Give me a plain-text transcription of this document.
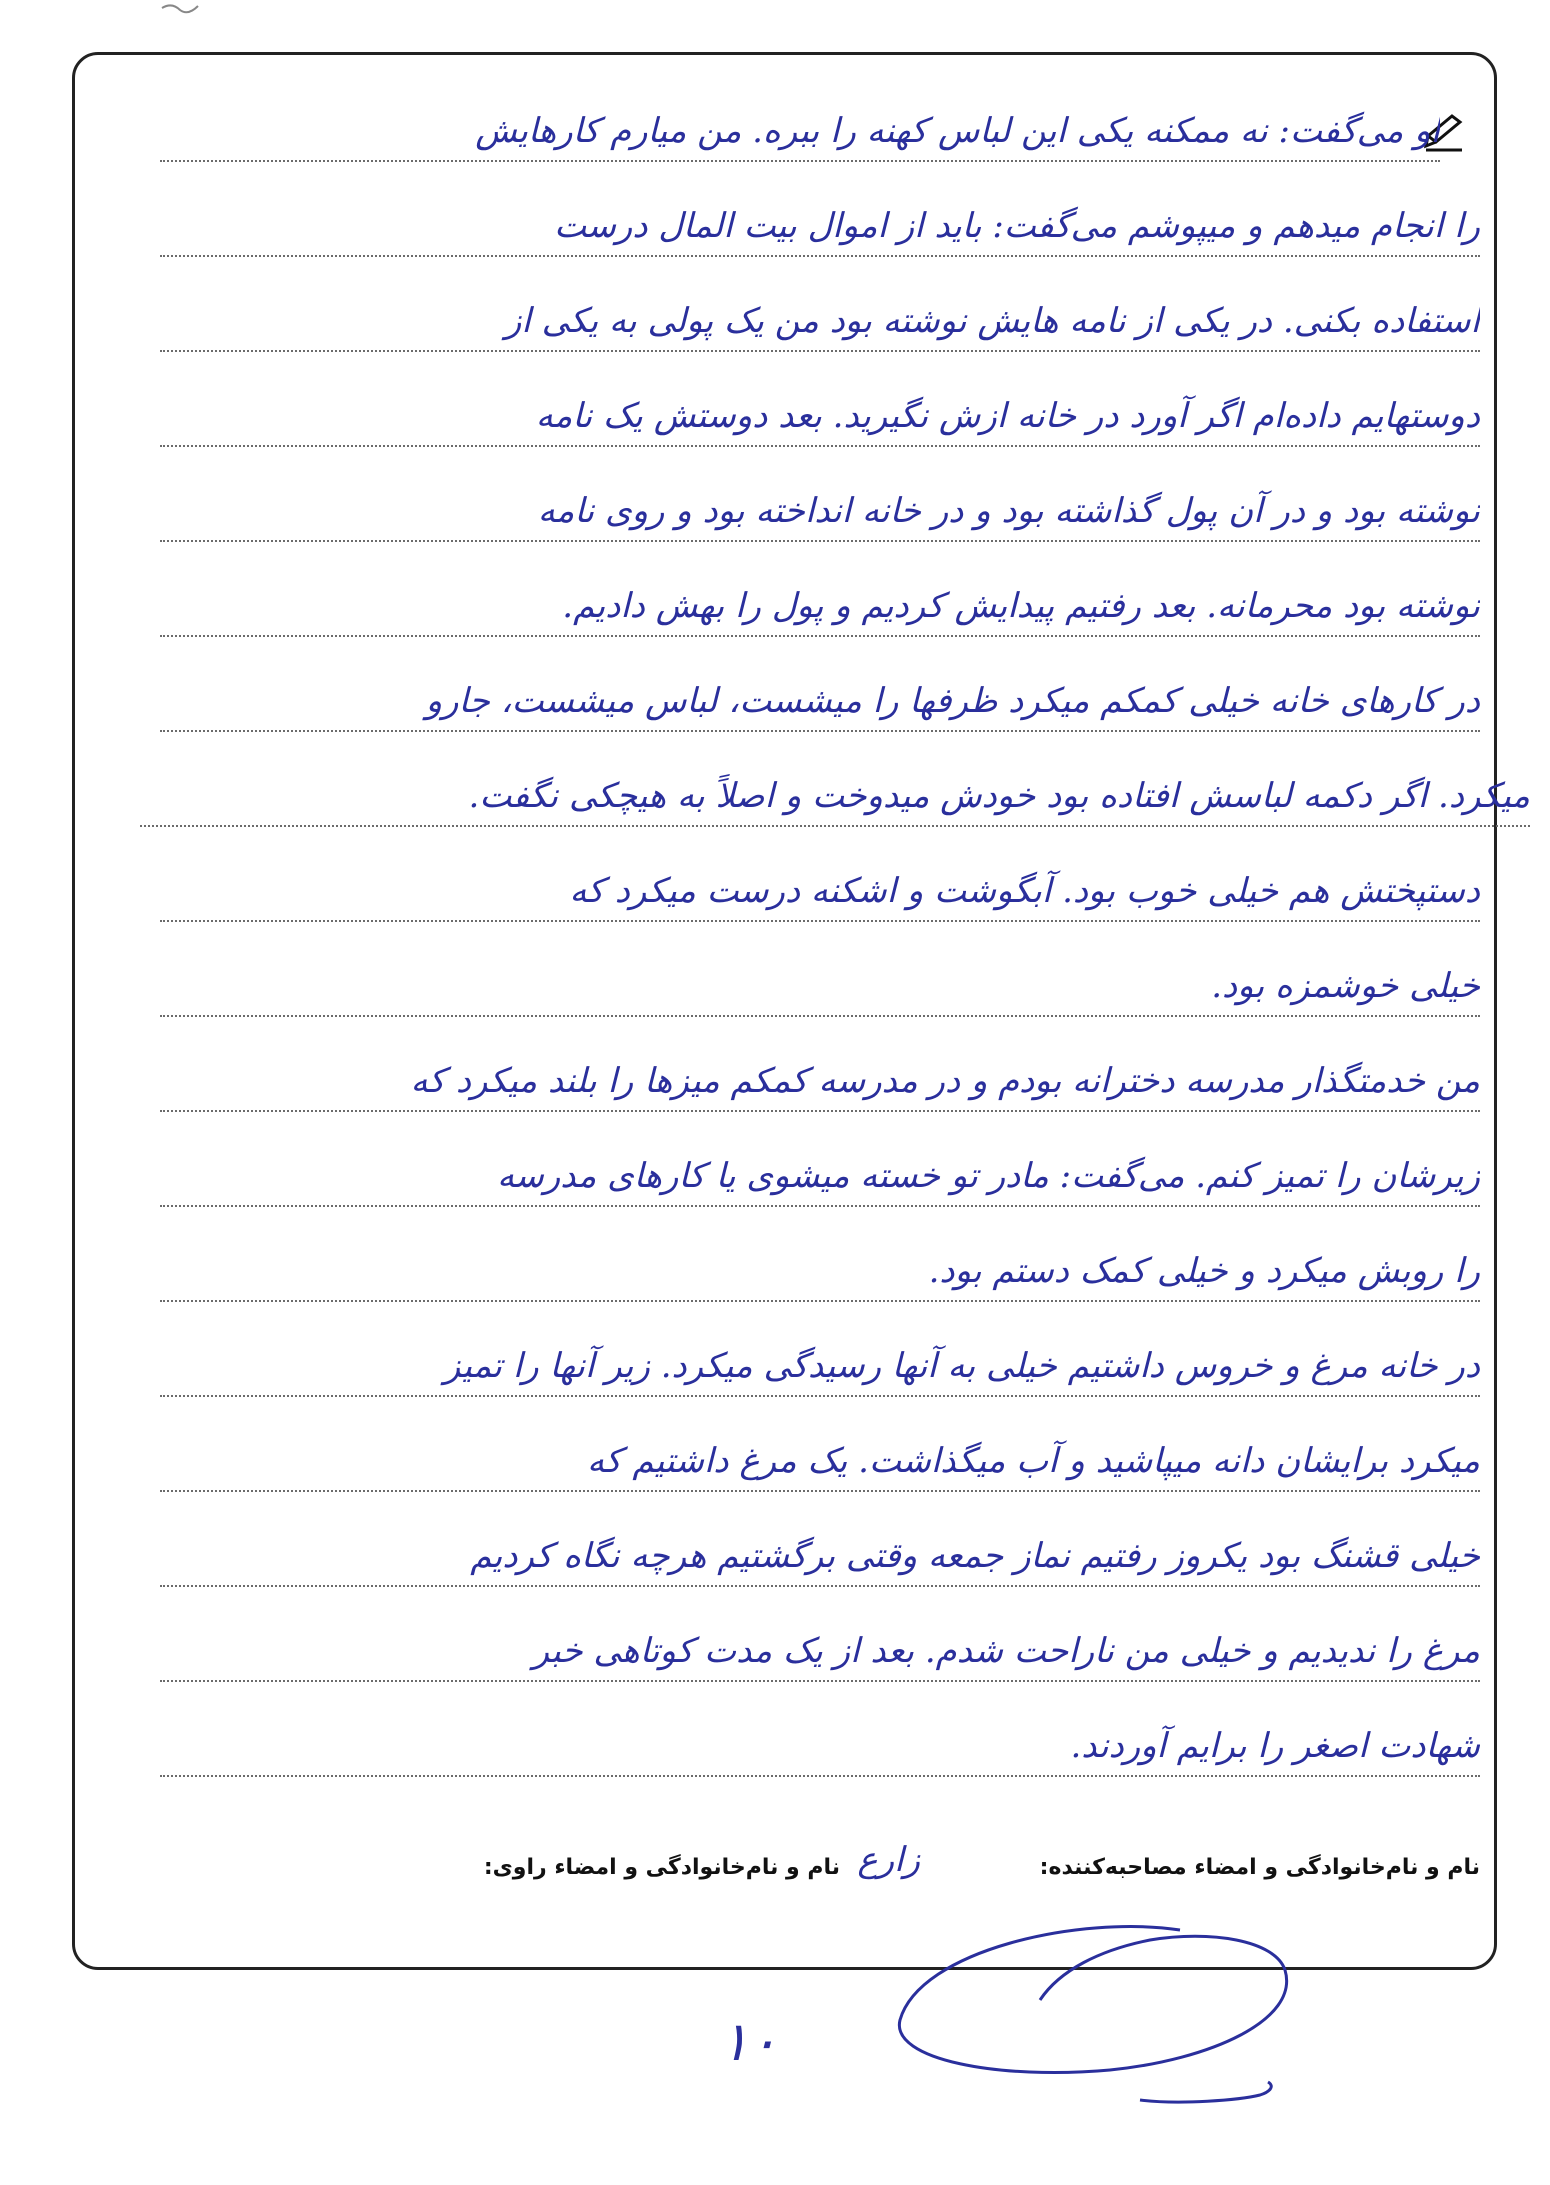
او می‌گفت: نه ممکنه یکی این لباس کهنه را ببره. من میارم کارهایش
را انجام میدهم و میپوشم می‌گفت: باید از اموال بیت المال درست
استفاده بکنی. در یکی از نامه هایش نوشته بود من یک پولی به یکی از
دوستهایم داده‌ام اگر آورد در خانه ازش نگیرید. بعد دوستش یک نامه
نوشته بود و در آن پول گذاشته بود و در خانه انداخته بود و روی نامه
نوشته بود محرمانه. بعد رفتیم پیدایش کردیم و پول را بهش دادیم.
در کارهای خانه خیلی کمکم میکرد ظرفها را میشست، لباس میشست، جارو
میکرد. اگر دکمه لباسش افتاده بود خودش میدوخت و اصلاً به هیچکی نگفت.
دستپختش هم خیلی خوب بود. آبگوشت و اشکنه درست میکرد که
خیلی خوشمزه بود.
من خدمتگذار مدرسه دخترانه بودم و در مدرسه کمکم میزها را بلند میکرد که
زیرشان را تمیز کنم. می‌گفت: مادر تو خسته میشوی یا کارهای مدرسه
را روبش میکرد و خیلی کمک دستم بود.
در خانه مرغ و خروس داشتیم خیلی به آنها رسیدگی میکرد. زیر آنها را تمیز
میکرد برایشان دانه میپاشید و آب میگذاشت. یک مرغ داشتیم که
خیلی قشنگ بود یکروز رفتیم نماز جمعه وقتی برگشتیم هرچه نگاه کردیم
مرغ را ندیدیم و خیلی من ناراحت شدم. بعد از یک مدت کوتاهی خبر
شهادت اصغر را برایم آوردند.
نام و نام‌خانوادگی و امضاء مصاحبه‌کننده:
زارع
نام و نام‌خانوادگی و امضاء راوی:
۱۰
